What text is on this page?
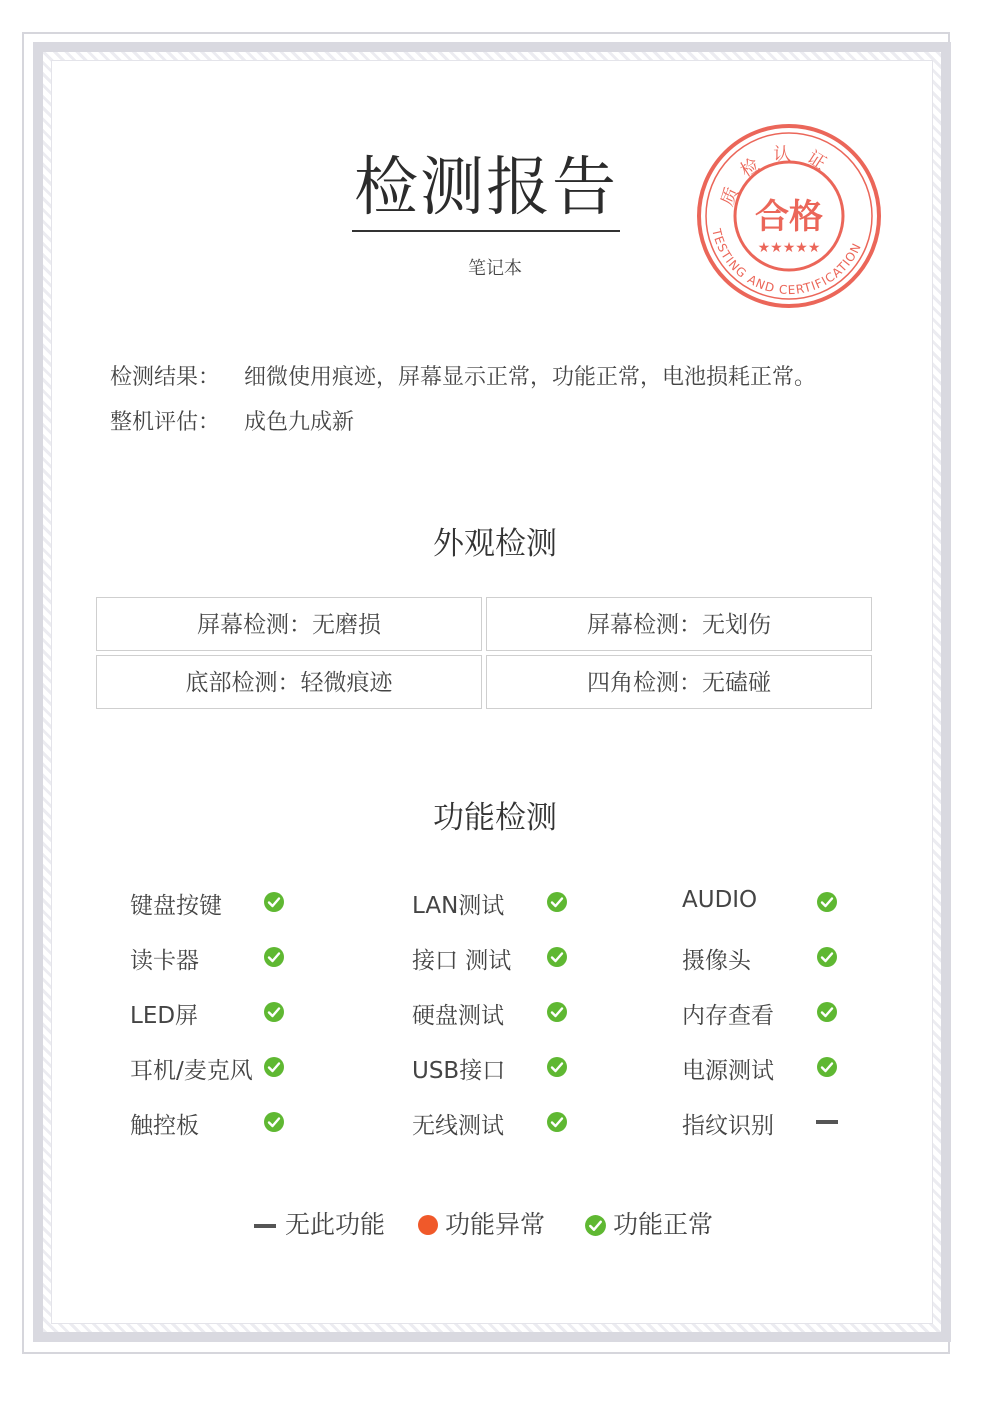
检测报告
笔记本
质检认证
合格
★★★★★
TESTING AND CERTIFICATION
检测结果： 细微使用痕迹，屏幕显示正常，功能正常，电池损耗正常。
整机评估： 成色九成新
外观检测
屏幕检测：无磨损	屏幕检测：无划伤
底部检测：轻微痕迹	四角检测：无磕碰
功能检测
键盘按键	LAN测试	AUDIO
读卡器	接口 测试	摄像头
LED屏	硬盘测试	内存查看
耳机/麦克风	USB接口	电源测试
触控板	无线测试	指纹识别
无此功能 功能异常	功能正常
